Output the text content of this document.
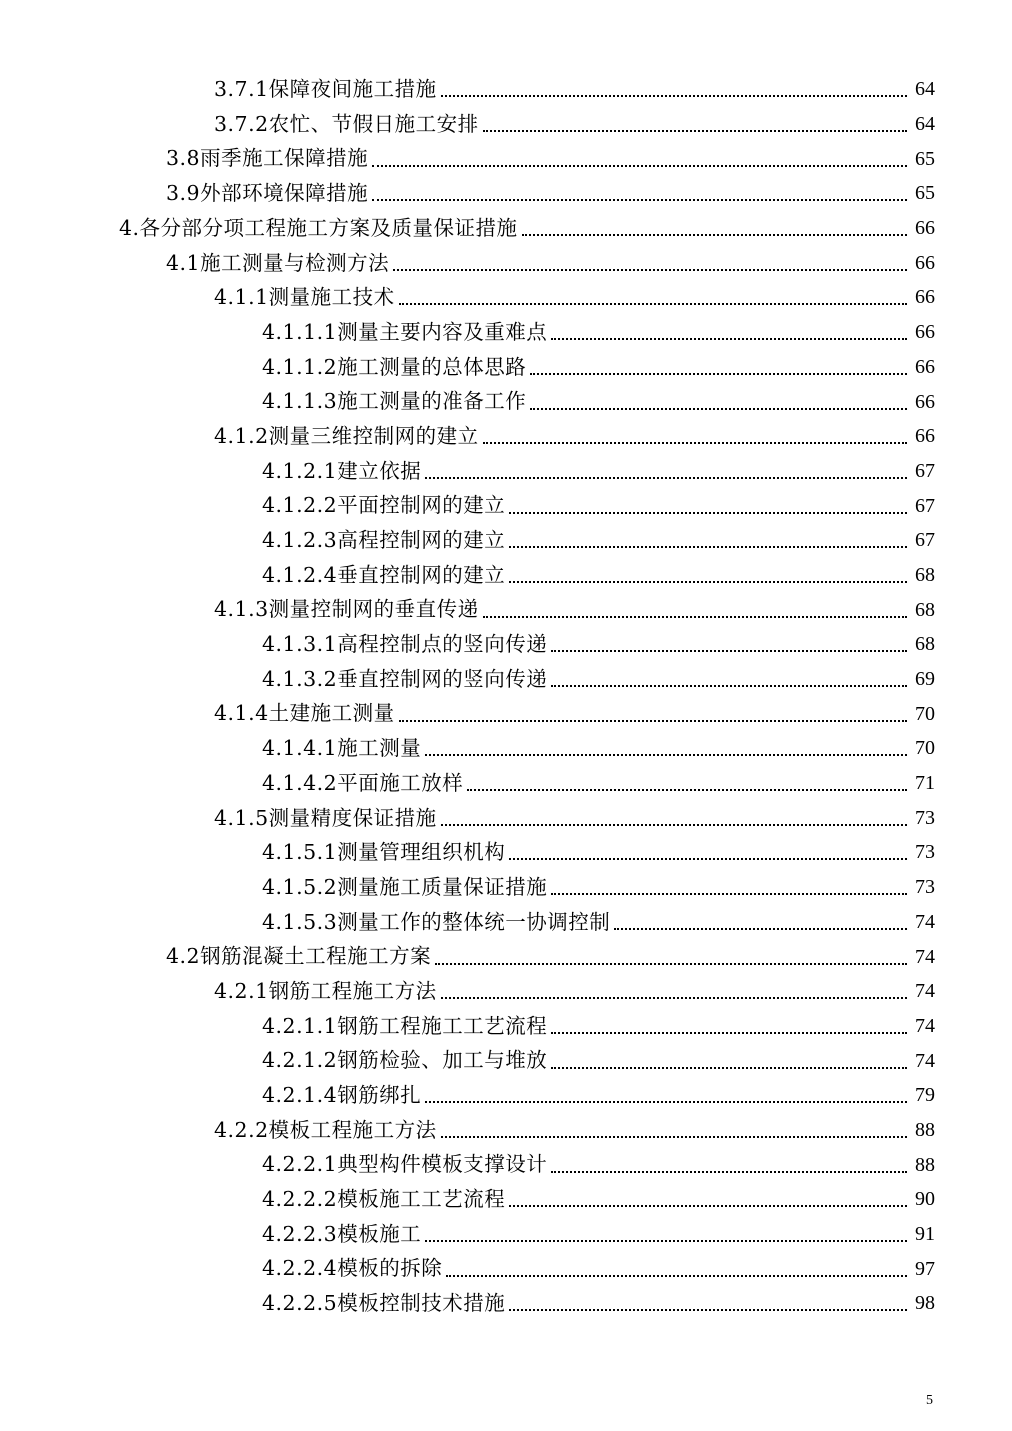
3.7.1保障夜间施工措施	64
3.7.2农忙、节假日施工安排	64
3.8雨季施工保障措施	65
3.9外部环境保障措施	65
4.各分部分项工程施工方案及质量保证措施	66
4.1施工测量与检测方法	66
4.1.1测量施工技术	66
4.1.1.1测量主要内容及重难点	66
4.1.1.2施工测量的总体思路	66
4.1.1.3施工测量的准备工作	66
4.1.2测量三维控制网的建立	66
4.1.2.1建立依据	67
4.1.2.2平面控制网的建立	67
4.1.2.3高程控制网的建立	67
4.1.2.4垂直控制网的建立	68
4.1.3测量控制网的垂直传递	68
4.1.3.1高程控制点的竖向传递	68
4.1.3.2垂直控制网的竖向传递	69
4.1.4土建施工测量	70
4.1.4.1施工测量	70
4.1.4.2平面施工放样	71
4.1.5测量精度保证措施	73
4.1.5.1测量管理组织机构	73
4.1.5.2测量施工质量保证措施	73
4.1.5.3测量工作的整体统一协调控制	74
4.2钢筋混凝土工程施工方案	74
4.2.1钢筋工程施工方法	74
4.2.1.1钢筋工程施工工艺流程	74
4.2.1.2钢筋检验、加工与堆放	74
4.2.1.4钢筋绑扎	79
4.2.2模板工程施工方法	88
4.2.2.1典型构件模板支撑设计	88
4.2.2.2模板施工工艺流程	90
4.2.2.3模板施工	91
4.2.2.4模板的拆除	97
4.2.2.5模板控制技术措施	98
5
